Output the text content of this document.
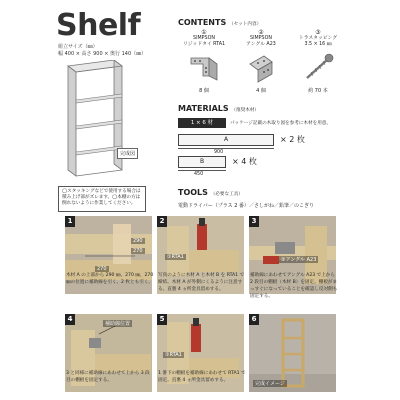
Shelf
組立サイズ（㎜）
幅 400 × 高さ 900 × 奥行 140（㎜）
完成図
◯スタッキングなどで使用する場合は積み上げ部がズレます。◯本棚の方は倒れないように作業してください。
CONTENTS （セット内容）
①
SIMPSON
リジッドタイ RTA1
8 個
②
SIMPSON
アングル A23
4 個
③
トラスタッピング
3.5 × 16 ㎜
約 70 本
MATERIALS （推奨木材）
1 × 6 材	パッケージ記載の木取り図を参考に木材を用意。
A
900
× 2 枚
B
450
× 4 枚
TOOLS （必要な工具）
電動ドライバー（プラス 2 番）／さしがね／鉛筆／のこぎり
1
290
270
270
木材 A の上部から 290 ㎜、270 ㎜、270 ㎜の位置に補助線を引く。2 枚とも引く。
2
①RTA1
写真のように木材 A と木材 B を RTA1 で締結。木材 A が外側にくるように注意する。直裏 4 ヵ所金具留めする。
3
②アングル A23
補助線にあわせてアングル A23 で上から 2 段目の棚板（木材 B）を固定。棚板がまっすぐになっていることを確認し反対側も固定する。
4
補助線位置
3 と同様に補助線にあわせて上から 3 段目の棚板を固定する。
5
①RTA1
1 番下の棚板を補助線にあわせて RTA1 で固定。直裏 4 ヵ所金具留めする。
6
完成イメージ
